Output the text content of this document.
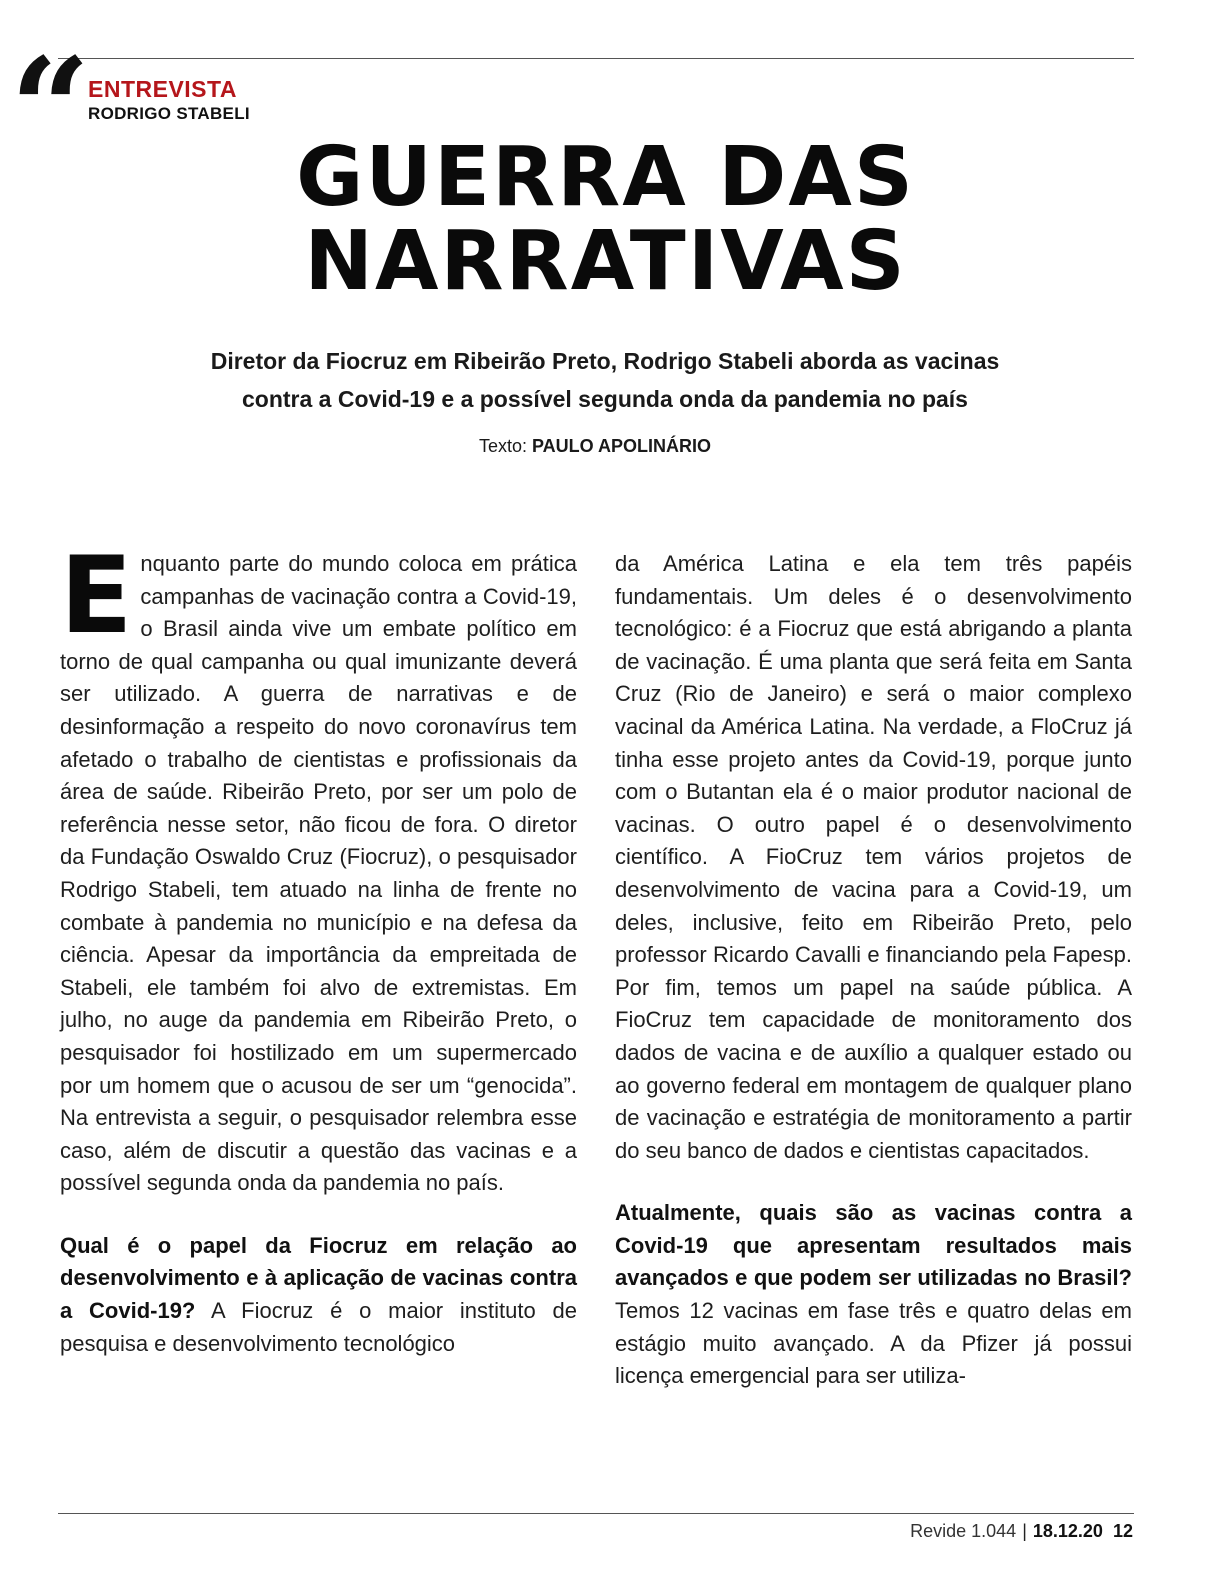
“
ENTREVISTA
RODRIGO STABELI
GUERRA DAS
NARRATIVAS
Diretor da Fiocruz em Ribeirão Preto, Rodrigo Stabeli aborda as vacinas
contra a Covid-19 e a possível segunda onda da pandemia no país
Texto: PAULO APOLINÁRIO

Enquanto parte do mundo coloca em prática campanhas de vacinação contra a Covid-19, o Brasil ainda vive um embate político em torno de qual campanha ou qual imunizante deverá ser utilizado. A guerra de narrativas e de desinformação a respeito do novo coronavírus tem afetado o trabalho de cientistas e profissionais da área de saúde. Ribeirão Preto, por ser um polo de referência nesse setor, não ficou de fora. O diretor da Fundação Oswaldo Cruz (Fiocruz), o pesquisador Rodrigo Stabeli, tem atuado na linha de frente no combate à pandemia no município e na defesa da ciência. Apesar da importância da empreitada de Stabeli, ele também foi alvo de extremistas. Em julho, no auge da pandemia em Ribeirão Preto, o pesquisador foi hostilizado em um supermercado por um homem que o acusou de ser um “genocida”. Na entrevista a seguir, o pesquisador relembra esse caso, além de discutir a questão das vacinas e a possível segunda onda da pandemia no país.

Qual é o papel da Fiocruz em relação ao desenvolvimento e à aplicação de vacinas contra a Covid-19? A Fiocruz é o maior instituto de pesquisa e desenvolvimento tecnológico

da América Latina e ela tem três papéis fundamentais. Um deles é o desenvolvimento tecnológico: é a Fiocruz que está abrigando a planta de vacinação. É uma planta que será feita em Santa Cruz (Rio de Janeiro) e será o maior complexo vacinal da América Latina. Na verdade, a FloCruz já tinha esse projeto antes da Covid-19, porque junto com o Butantan ela é o maior produtor nacional de vacinas. O outro papel é o desenvolvimento científico. A FioCruz tem vários projetos de desenvolvimento de vacina para a Covid-19, um deles, inclusive, feito em Ribeirão Preto, pelo professor Ricardo Cavalli e financiando pela Fapesp. Por fim, temos um papel na saúde pública. A FioCruz tem capacidade de monitoramento dos dados de vacina e de auxílio a qualquer estado ou ao governo federal em montagem de qualquer plano de vacinação e estratégia de monitoramento a partir do seu banco de dados e cientistas capacitados.

Atualmente, quais são as vacinas contra a Covid-19 que apresentam resultados mais avançados e que podem ser utilizadas no Brasil? Temos 12 vacinas em fase três e quatro delas em estágio muito avançado. A da Pfizer já possui licença emergencial para ser utiliza-

Revide 1.044 | 18.12.20 12
